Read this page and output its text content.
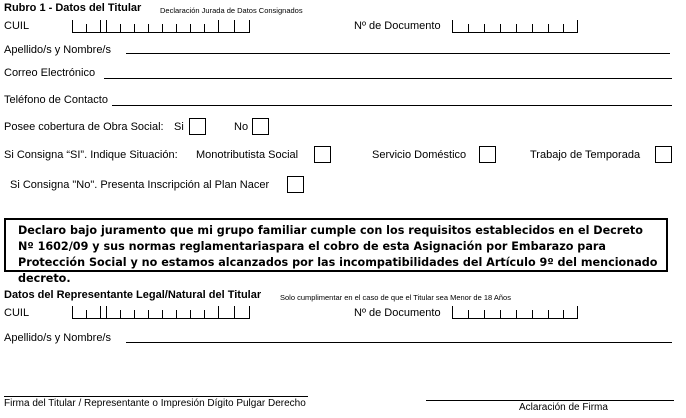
Rubro 1 - Datos del Titular Declaración Jurada de Datos Consignados
CUIL	Nº de Documento
Apellido/s y Nombre/s
Correo Electrónico
Teléfono de Contacto
Posee cobertura de Obra Social: Si	No
Si Consigna “SI”. Indique Situación: Monotributista Social	Servicio Doméstico	Trabajo de Temporada
Si Consigna "No". Presenta Inscripción al Plan Nacer

Declaro bajo juramento que mi grupo familiar cumple con los requisitos establecidos en el Decreto Nº 1602/09 y sus normas reglamentariaspara el cobro de esta Asignación por Embarazo para Protección Social y no estamos alcanzados por las incompatibilidades del Artículo 9º del mencionado decreto.

Datos del Representante Legal/Natural del Titular	Solo cumplimentar en el caso de que el Titular sea Menor de 18 Años
CUIL	Nº de Documento
Apellido/s y Nombre/s
Firma del Titular / Representante o Impresión Dígito Pulgar Derecho	Aclaración de Firma
